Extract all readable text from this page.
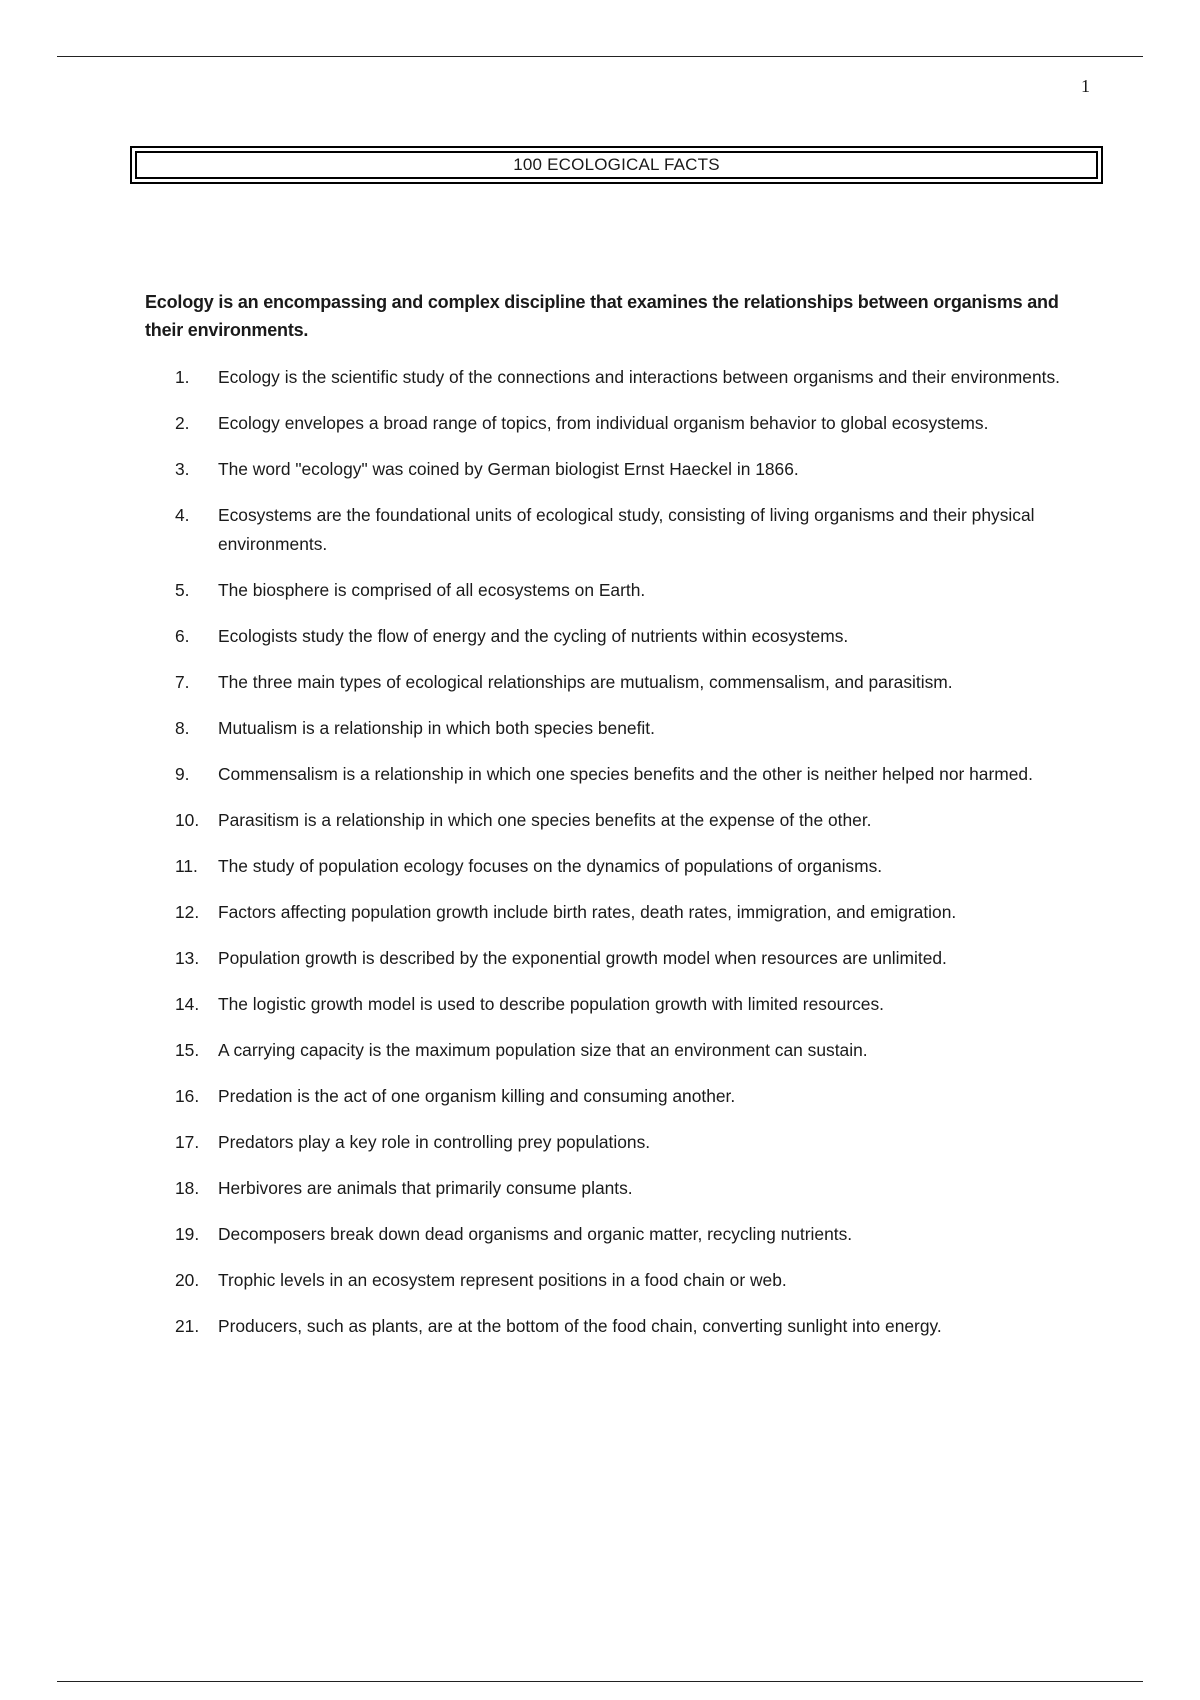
1
100 ECOLOGICAL FACTS

Ecology is an encompassing and complex discipline that examines the relationships between organisms and their environments.

1.	Ecology is the scientific study of the connections and interactions between organisms and their environments.
2.	Ecology envelopes a broad range of topics, from individual organism behavior to global ecosystems.
3.	The word "ecology" was coined by German biologist Ernst Haeckel in 1866.
4.	Ecosystems are the foundational units of ecological study, consisting of living organisms and their physical environments.
5.	The biosphere is comprised of all ecosystems on Earth.
6.	Ecologists study the flow of energy and the cycling of nutrients within ecosystems.
7.	The three main types of ecological relationships are mutualism, commensalism, and parasitism.
8.	Mutualism is a relationship in which both species benefit.
9.	Commensalism is a relationship in which one species benefits and the other is neither helped nor harmed.
10.	Parasitism is a relationship in which one species benefits at the expense of the other.
11.	The study of population ecology focuses on the dynamics of populations of organisms.
12.	Factors affecting population growth include birth rates, death rates, immigration, and emigration.
13.	Population growth is described by the exponential growth model when resources are unlimited.
14.	The logistic growth model is used to describe population growth with limited resources.
15.	A carrying capacity is the maximum population size that an environment can sustain.
16.	Predation is the act of one organism killing and consuming another.
17.	Predators play a key role in controlling prey populations.
18.	Herbivores are animals that primarily consume plants.
19.	Decomposers break down dead organisms and organic matter, recycling nutrients.
20.	Trophic levels in an ecosystem represent positions in a food chain or web.
21.	Producers, such as plants, are at the bottom of the food chain, converting sunlight into energy.
